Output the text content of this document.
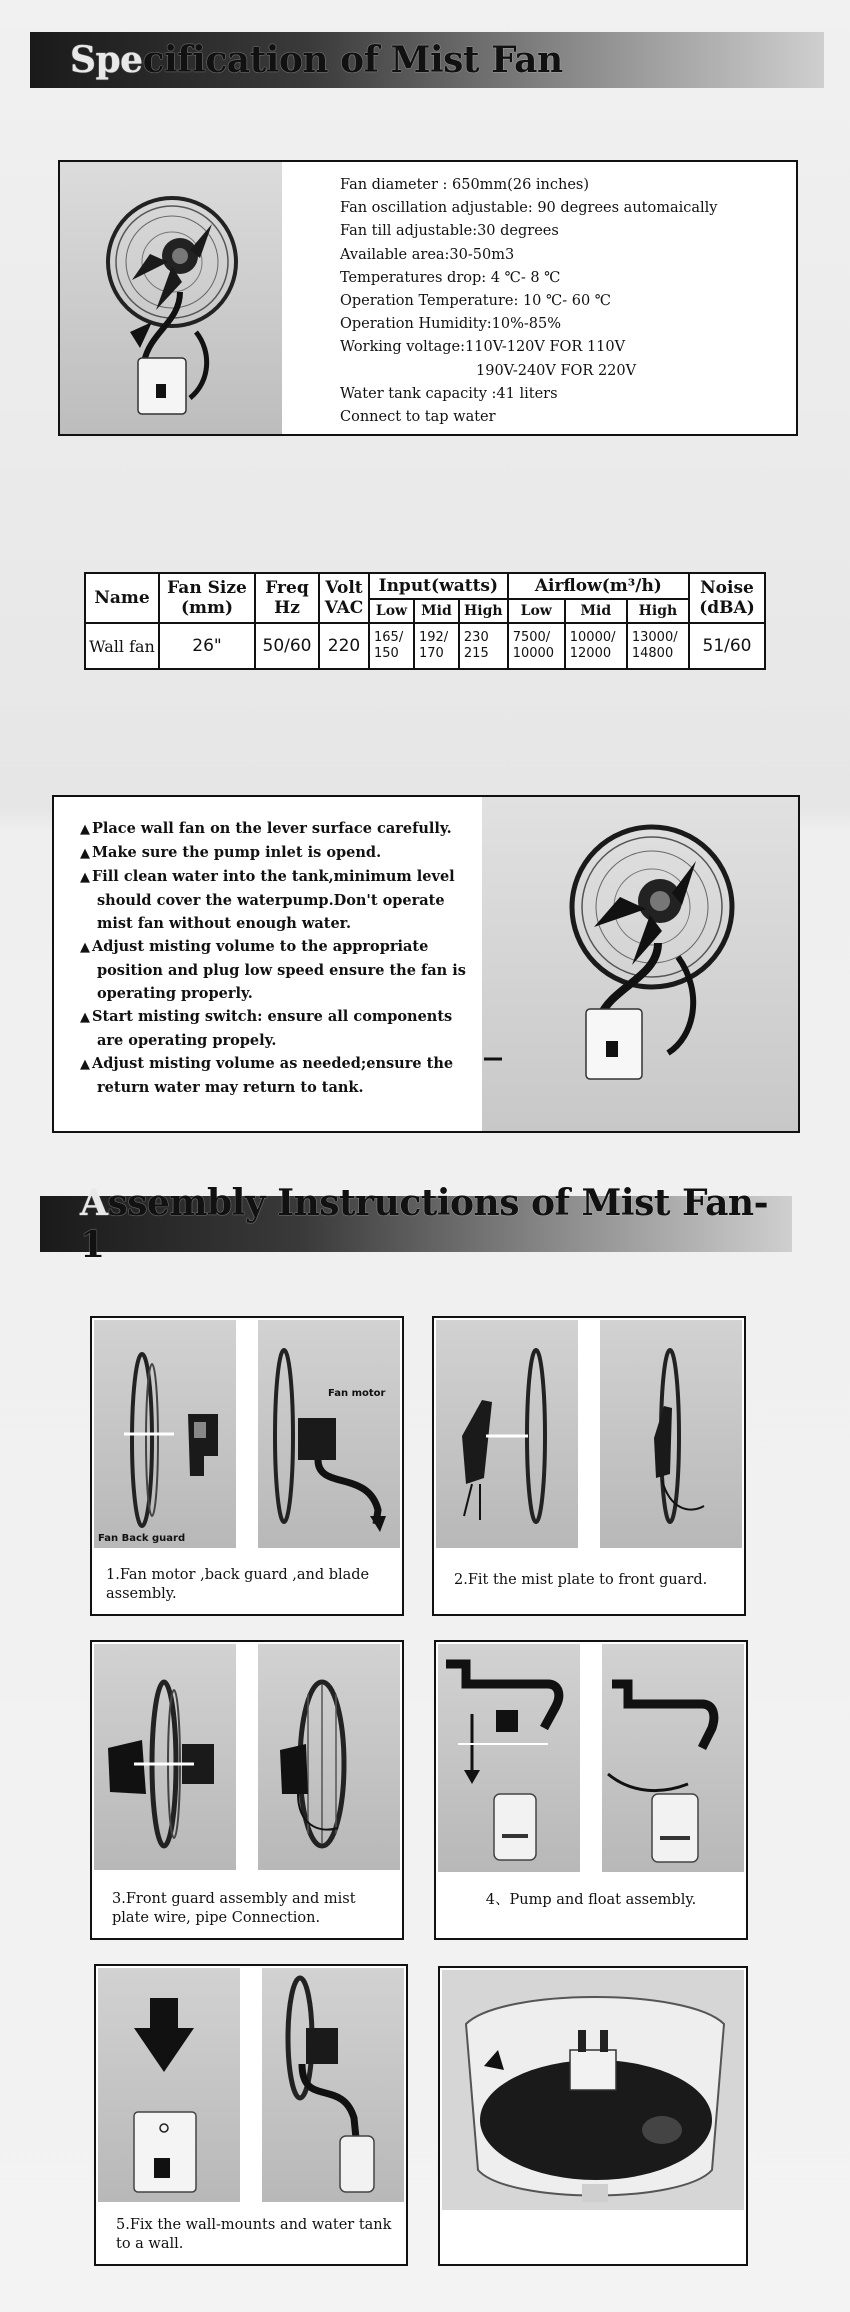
Specification of Mist Fan
Fan diameter : 650mm(26 inches)
Fan oscillation adjustable: 90 degrees automaically
Fan till adjustable:30 degrees
Available area:30-50m3
Temperatures drop: 4 ℃- 8 ℃
Operation Temperature: 10 ℃- 60 ℃
Operation Humidity:10%-85%
Working voltage:110V-120V FOR 110V
190V-240V FOR 220V
Water tank capacity :41 liters
Connect to tap water
Name	Fan Size (mm)	Freq Hz	Volt VAC	Input(watts)			Airflow(m³/h)			Noise (dBA)
				Low	Mid	High	Low	Mid	High	
Wall fan	26"	50/60	220	165/ 150	192/ 170	230 215	7500/ 10000	10000/ 12000	13000/ 14800	51/60
▲ Place wall fan on the lever surface carefully.
▲ Make sure the pump inlet is opend.
▲ Fill clean water into the tank,minimum level should cover the waterpump.Don't operate mist fan without enough water.
▲ Adjust misting volume to the appropriate position and plug low speed ensure the fan is operating properly.
▲ Start misting switch: ensure all components are operating propely.
▲ Adjust misting volume as needed;ensure the return water may return to tank.
Assembly Instructions of Mist Fan-1
Fan Back guard
Fan motor
1.Fan motor ,back guard ,and blade assembly.
2.Fit the mist plate to front guard.
3.Front guard assembly and mist plate wire, pipe Connection.
4、Pump and float assembly.
5.Fix the wall-mounts and water tank to a wall.
